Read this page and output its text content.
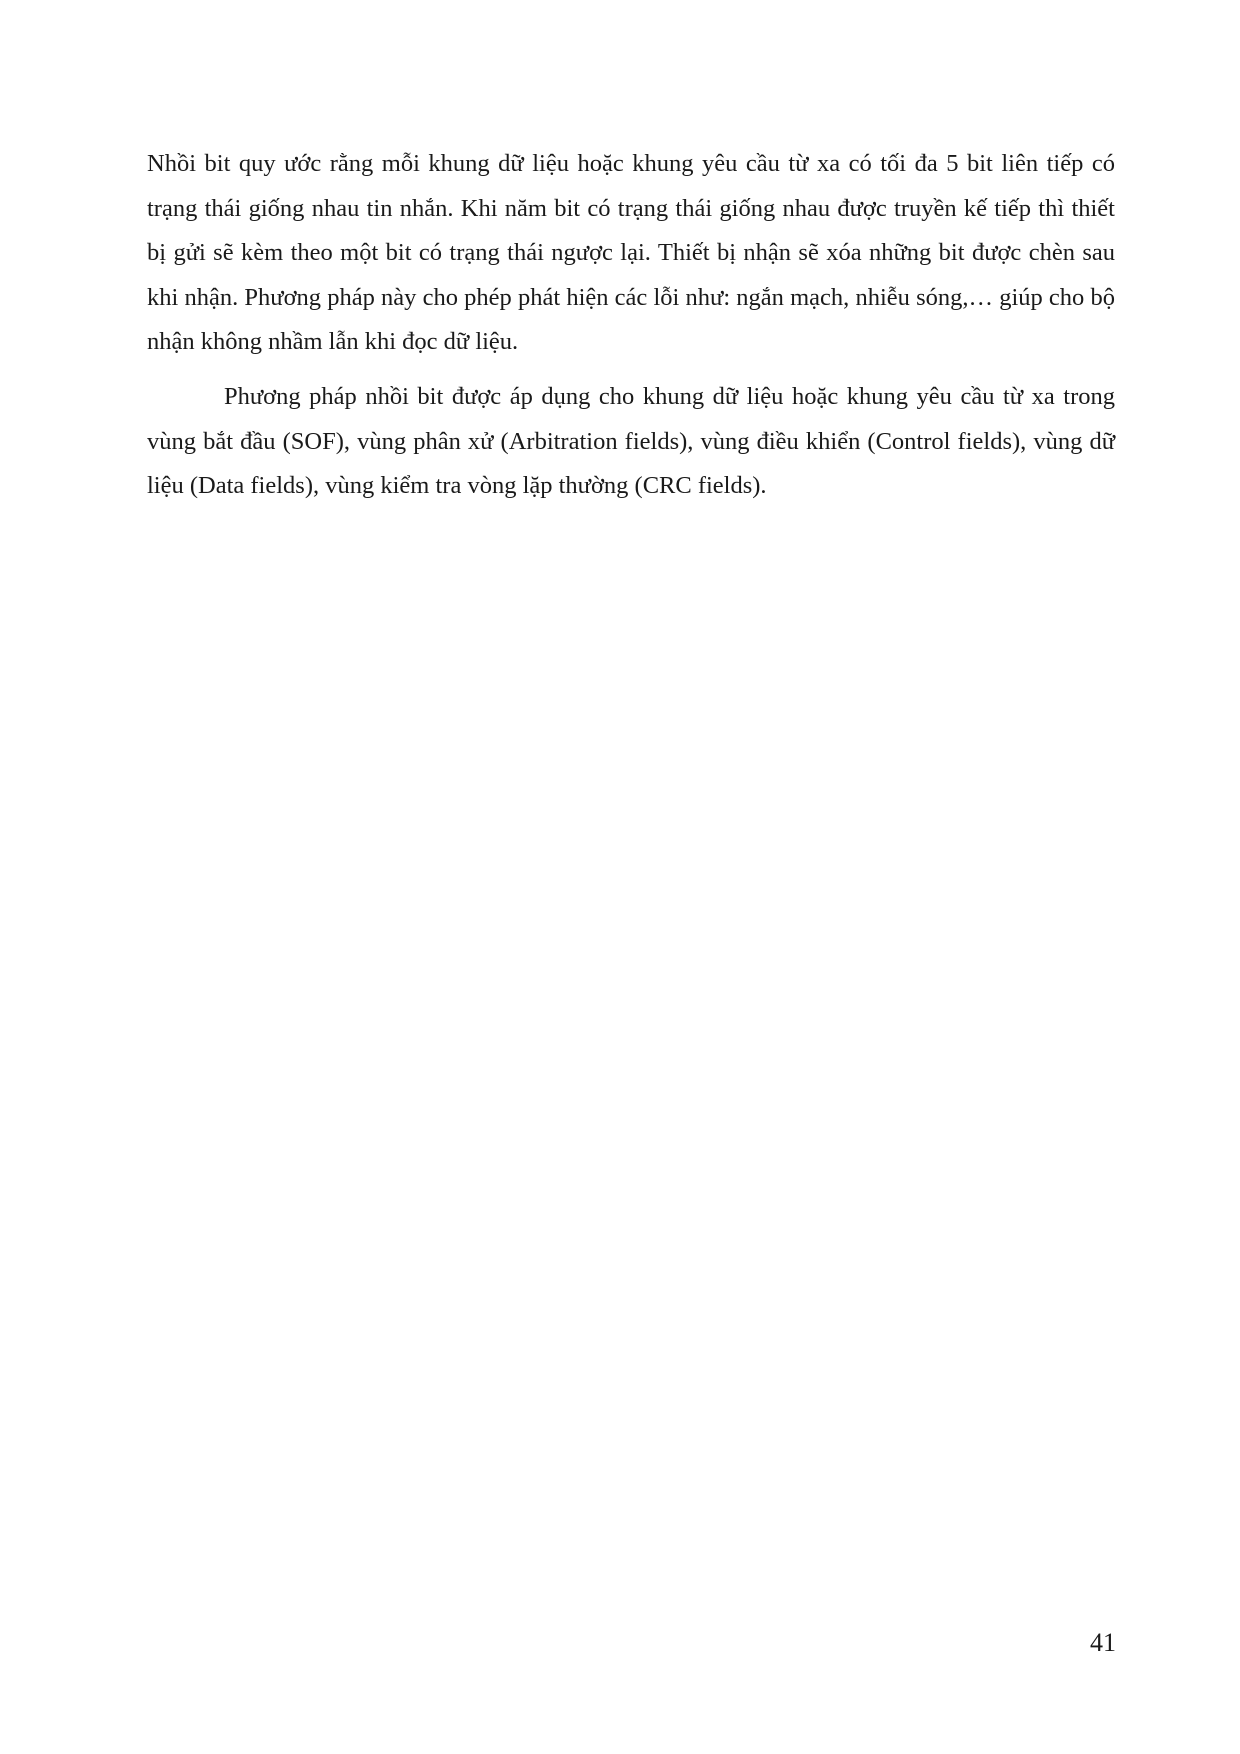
Nhồi bit quy ước rằng mỗi khung dữ liệu hoặc khung yêu cầu từ xa có tối đa 5 bit liên tiếp có trạng thái giống nhau tin nhắn. Khi năm bit có trạng thái giống nhau được truyền kế tiếp thì thiết bị gửi sẽ kèm theo một bit có trạng thái ngược lại. Thiết bị nhận sẽ xóa những bit được chèn sau khi nhận. Phương pháp này cho phép phát hiện các lỗi như: ngắn mạch, nhiễu sóng,… giúp cho bộ nhận không nhầm lẫn khi đọc dữ liệu.

Phương pháp nhồi bit được áp dụng cho khung dữ liệu hoặc khung yêu cầu từ xa trong vùng bắt đầu (SOF), vùng phân xử (Arbitration fields), vùng điều khiển (Control fields), vùng dữ liệu (Data fields), vùng kiểm tra vòng lặp thường (CRC fields).

41
